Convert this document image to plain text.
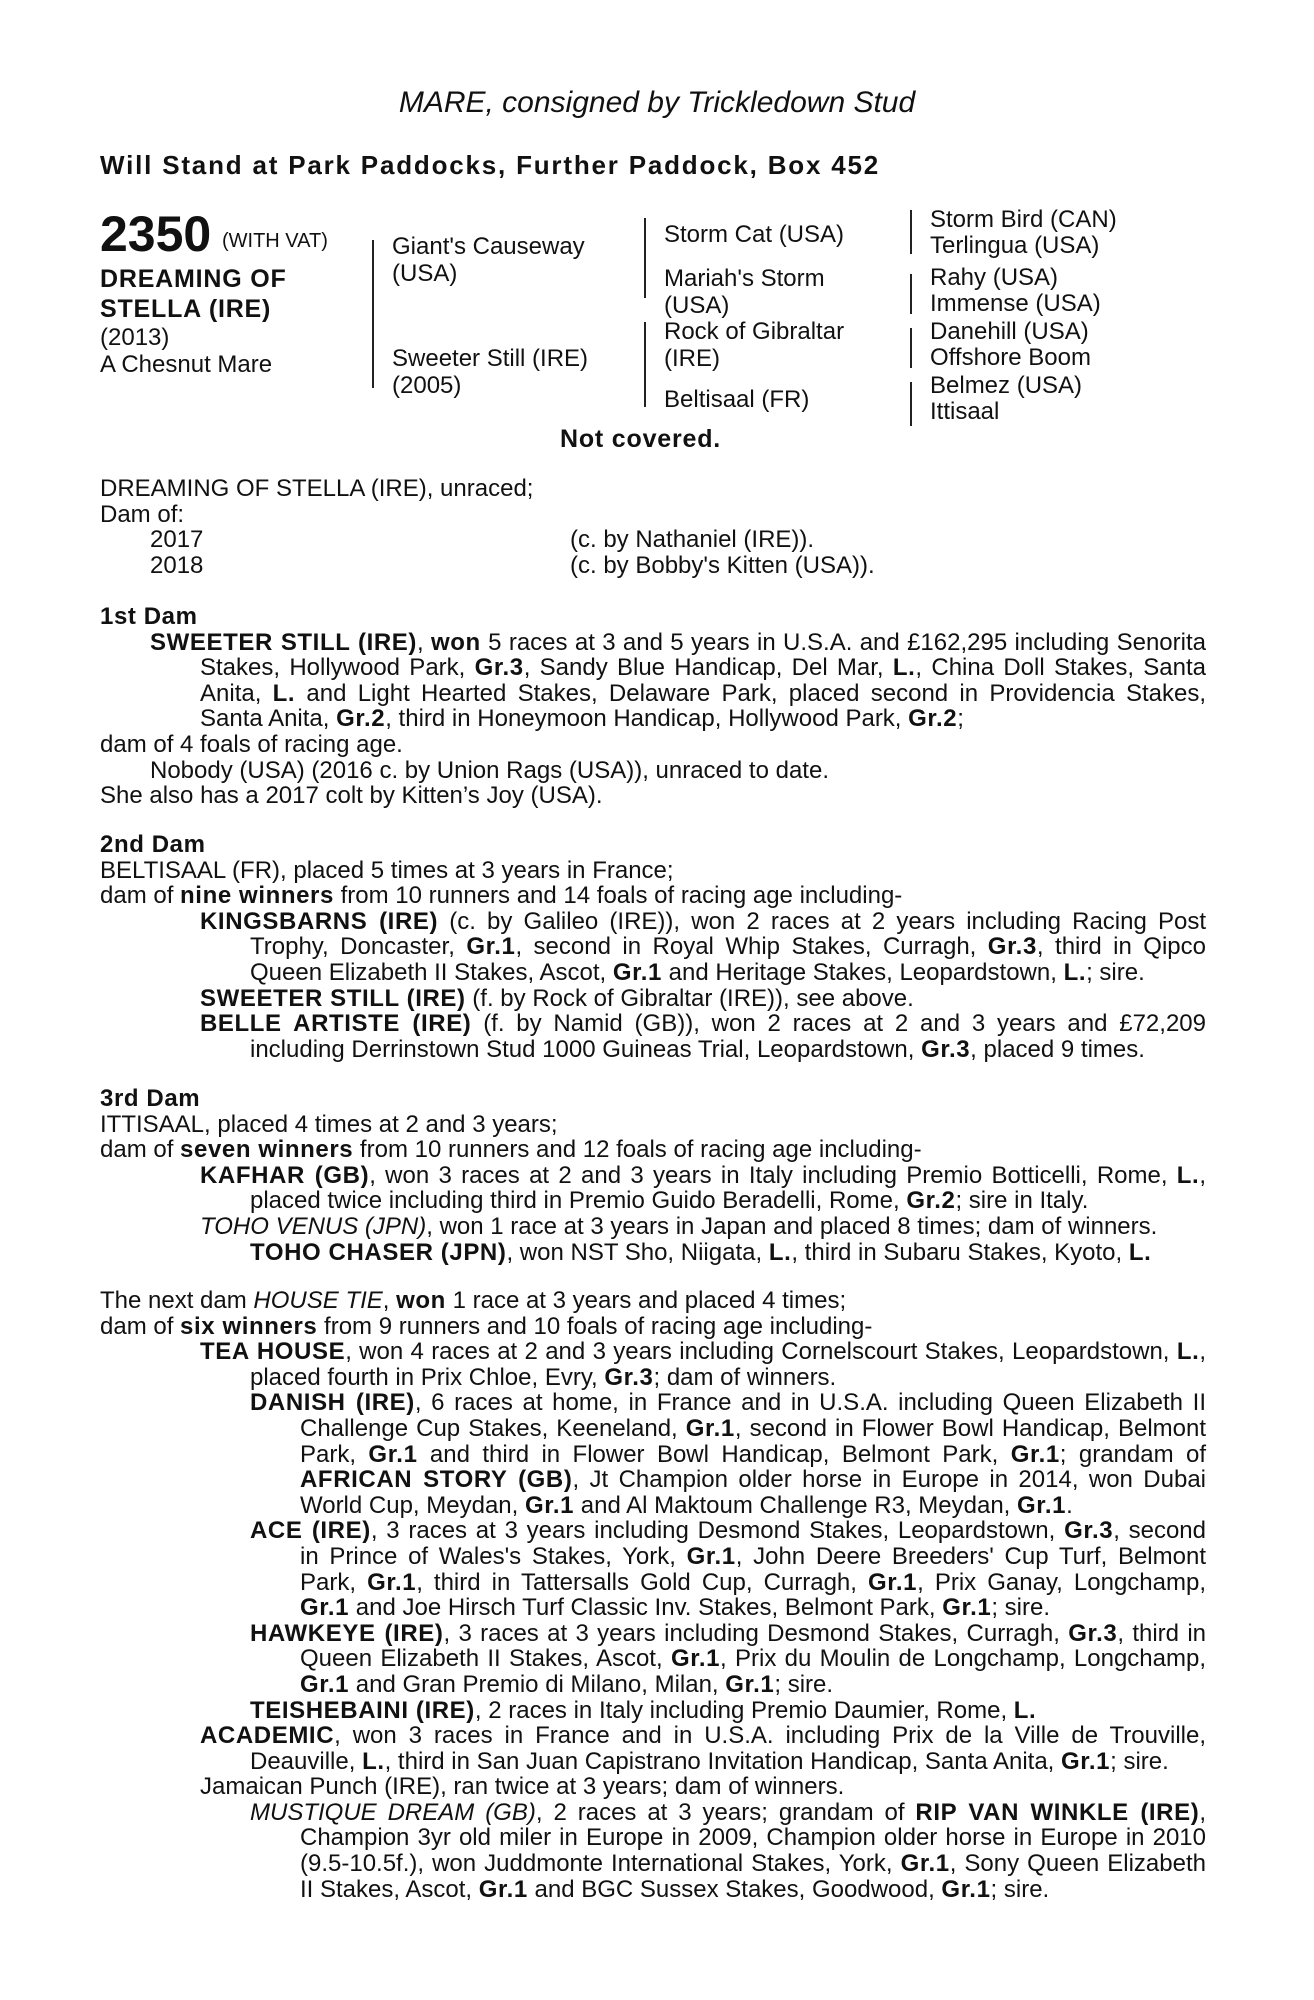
MARE, consigned by Trickledown Stud
Will Stand at Park Paddocks, Further Paddock, Box 452
2350 (WITH VAT)
DREAMING OF
STELLA (IRE)
(2013)
A Chesnut Mare
Giant's Causeway
(USA)
Sweeter Still (IRE)
(2005)
Storm Cat (USA)
Mariah's Storm
(USA)
Rock of Gibraltar
(IRE)
Beltisaal (FR)
Storm Bird (CAN)
Terlingua (USA)
Rahy (USA)
Immense (USA)
Danehill (USA)
Offshore Boom
Belmez (USA)
Ittisaal
Not covered.

DREAMING OF STELLA (IRE), unraced;

Dam of:

2017	(c. by Nathaniel (IRE)).
2018	(c. by Bobby's Kitten (USA)).

1st Dam

SWEETER STILL (IRE), won 5 races at 3 and 5 years in U.S.A. and £162,295 including Senorita Stakes, Hollywood Park, Gr.3, Sandy Blue Handicap, Del Mar, L., China Doll Stakes, Santa Anita, L. and Light Hearted Stakes, Delaware Park, placed second in Providencia Stakes, Santa Anita, Gr.2, third in Honeymoon Handicap, Hollywood Park, Gr.2;

dam of 4 foals of racing age.

Nobody (USA) (2016 c. by Union Rags (USA)), unraced to date.

She also has a 2017 colt by Kitten’s Joy (USA).

2nd Dam

BELTISAAL (FR), placed 5 times at 3 years in France;

dam of nine winners from 10 runners and 14 foals of racing age including-

KINGSBARNS (IRE) (c. by Galileo (IRE)), won 2 races at 2 years including Racing Post Trophy, Doncaster, Gr.1, second in Royal Whip Stakes, Curragh, Gr.3, third in Qipco Queen Elizabeth II Stakes, Ascot, Gr.1 and Heritage Stakes, Leopardstown, L.; sire.

SWEETER STILL (IRE) (f. by Rock of Gibraltar (IRE)), see above.

BELLE ARTISTE (IRE) (f. by Namid (GB)), won 2 races at 2 and 3 years and £72,209 including Derrinstown Stud 1000 Guineas Trial, Leopardstown, Gr.3, placed 9 times.

3rd Dam

ITTISAAL, placed 4 times at 2 and 3 years;

dam of seven winners from 10 runners and 12 foals of racing age including-

KAFHAR (GB), won 3 races at 2 and 3 years in Italy including Premio Botticelli, Rome, L., placed twice including third in Premio Guido Beradelli, Rome, Gr.2; sire in Italy.

TOHO VENUS (JPN), won 1 race at 3 years in Japan and placed 8 times; dam of winners.

TOHO CHASER (JPN), won NST Sho, Niigata, L., third in Subaru Stakes, Kyoto, L.

The next dam HOUSE TIE, won 1 race at 3 years and placed 4 times;

dam of six winners from 9 runners and 10 foals of racing age including-

TEA HOUSE, won 4 races at 2 and 3 years including Cornelscourt Stakes, Leopardstown, L., placed fourth in Prix Chloe, Evry, Gr.3; dam of winners.

DANISH (IRE), 6 races at home, in France and in U.S.A. including Queen Elizabeth II Challenge Cup Stakes, Keeneland, Gr.1, second in Flower Bowl Handicap, Belmont Park, Gr.1 and third in Flower Bowl Handicap, Belmont Park, Gr.1; grandam of AFRICAN STORY (GB), Jt Champion older horse in Europe in 2014, won Dubai World Cup, Meydan, Gr.1 and Al Maktoum Challenge R3, Meydan, Gr.1.

ACE (IRE), 3 races at 3 years including Desmond Stakes, Leopardstown, Gr.3, second in Prince of Wales's Stakes, York, Gr.1, John Deere Breeders' Cup Turf, Belmont Park, Gr.1, third in Tattersalls Gold Cup, Curragh, Gr.1, Prix Ganay, Longchamp, Gr.1 and Joe Hirsch Turf Classic Inv. Stakes, Belmont Park, Gr.1; sire.

HAWKEYE (IRE), 3 races at 3 years including Desmond Stakes, Curragh, Gr.3, third in Queen Elizabeth II Stakes, Ascot, Gr.1, Prix du Moulin de Longchamp, Longchamp, Gr.1 and Gran Premio di Milano, Milan, Gr.1; sire.

TEISHEBAINI (IRE), 2 races in Italy including Premio Daumier, Rome, L.

ACADEMIC, won 3 races in France and in U.S.A. including Prix de la Ville de Trouville, Deauville, L., third in San Juan Capistrano Invitation Handicap, Santa Anita, Gr.1; sire.

Jamaican Punch (IRE), ran twice at 3 years; dam of winners.

MUSTIQUE DREAM (GB), 2 races at 3 years; grandam of RIP VAN WINKLE (IRE), Champion 3yr old miler in Europe in 2009, Champion older horse in Europe in 2010 (9.5-10.5f.), won Juddmonte International Stakes, York, Gr.1, Sony Queen Elizabeth II Stakes, Ascot, Gr.1 and BGC Sussex Stakes, Goodwood, Gr.1; sire.
